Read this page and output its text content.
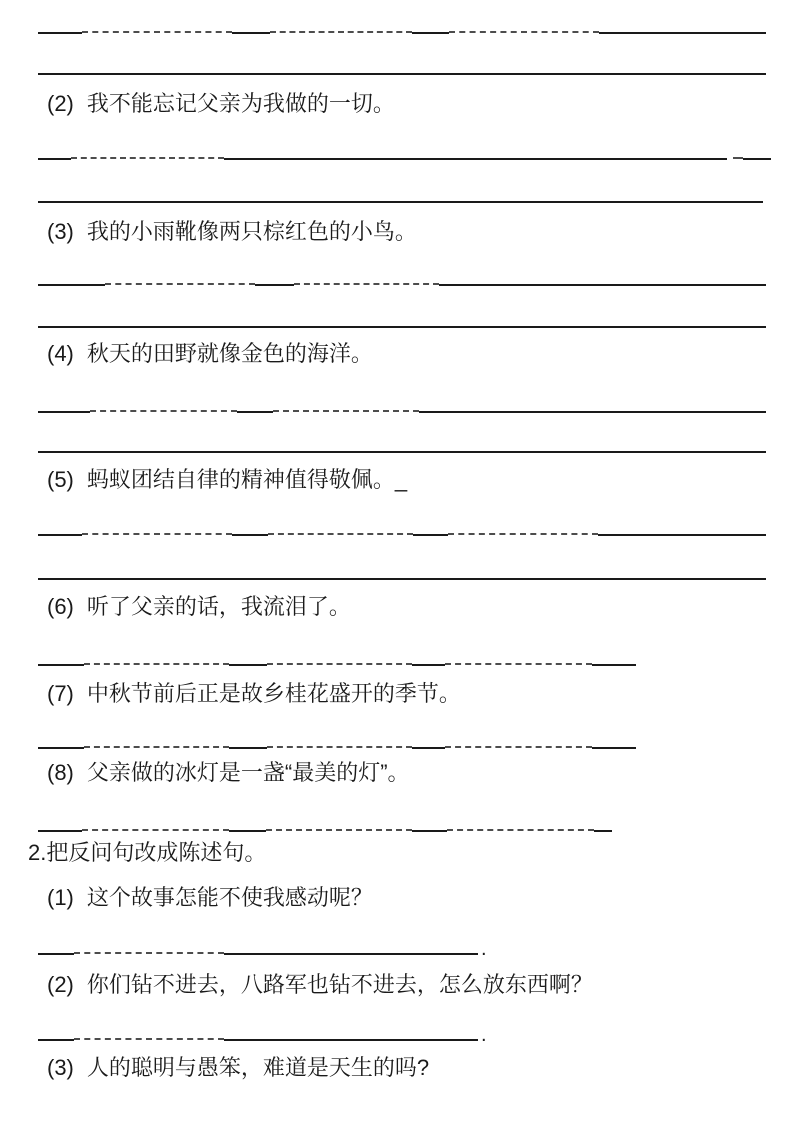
.
.
(2) 我不能忘记父亲为我做的一切。
(3) 我的小雨靴像两只棕红色的小鸟。
(4) 秋天的田野就像金色的海洋。
(5) 蚂蚁团结自律的精神值得敬佩。_
(6) 听了父亲的话，我流泪了。
(7) 中秋节前后正是故乡桂花盛开的季节。
(8) 父亲做的冰灯是一盏“最美的灯”。
2.把反问句改成陈述句。
(1) 这个故事怎能不使我感动呢？
(2) 你们钻不进去，八路军也钻不进去，怎么放东西啊？
(3) 人的聪明与愚笨，难道是天生的吗?
